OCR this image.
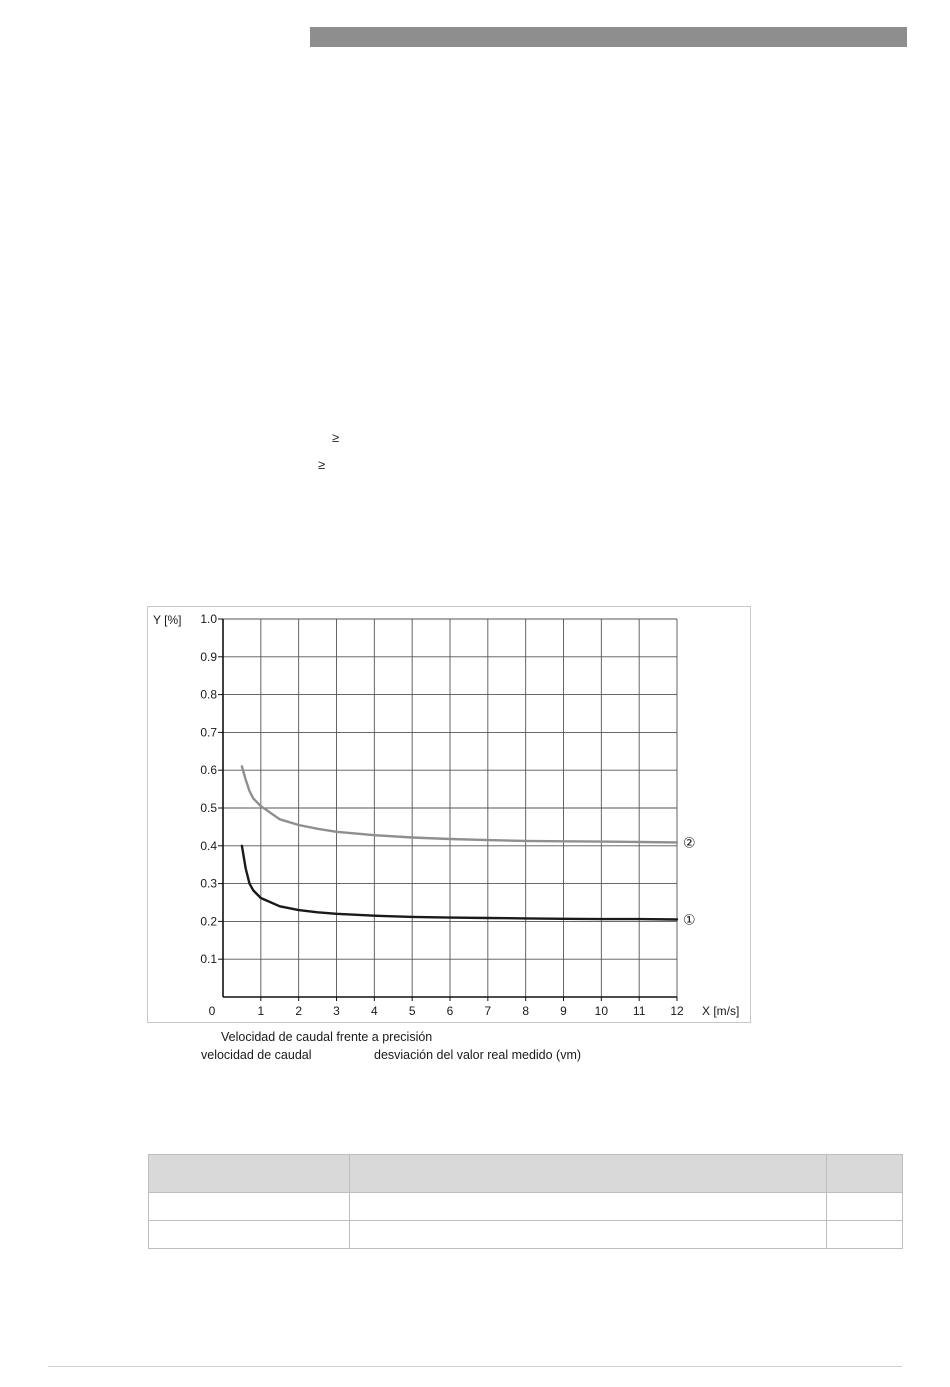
≥
≥
0.1
0.2
0.3
0.4
0.5
0.6
0.7
0.8
0.9
1.0
0	1	2	3	4	5	6	7	8	9 10 11 12
Y [%]
X [m/s]
②
①
Velocidad de caudal frente a precisión
velocidad de caudal	desviación del valor real medido (vm)
